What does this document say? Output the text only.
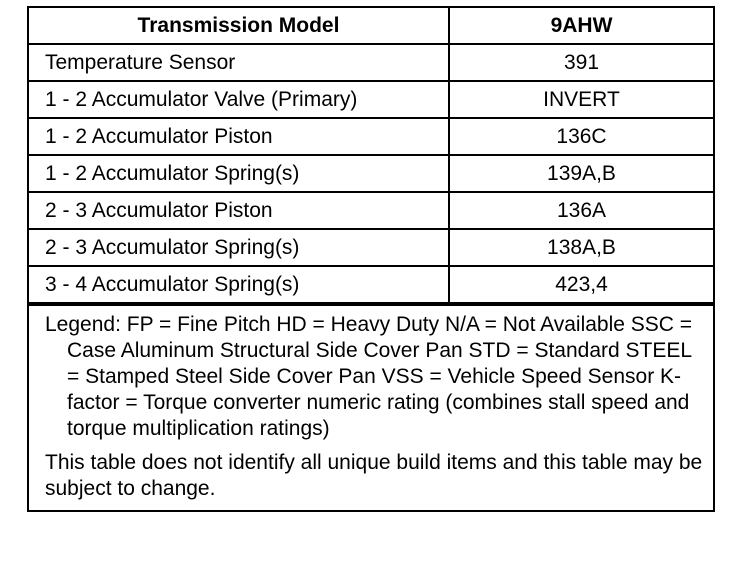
Transmission Model	9AHW
Temperature Sensor	391
1 - 2 Accumulator Valve (Primary)	INVERT
1 - 2 Accumulator Piston	136C
1 - 2 Accumulator Spring(s)	139A,B
2 - 3 Accumulator Piston	136A
2 - 3 Accumulator Spring(s)	138A,B
3 - 4 Accumulator Spring(s)	423,4
Legend: FP = Fine Pitch HD = Heavy Duty N/A = Not Available SSC = Case Aluminum Structural Side Cover Pan STD = Standard STEEL = Stamped Steel Side Cover Pan VSS = Vehicle Speed Sensor K-factor = Torque converter numeric rating (combines stall speed and torque multiplication ratings)
This table does not identify all unique build items and this table may be subject to change.
